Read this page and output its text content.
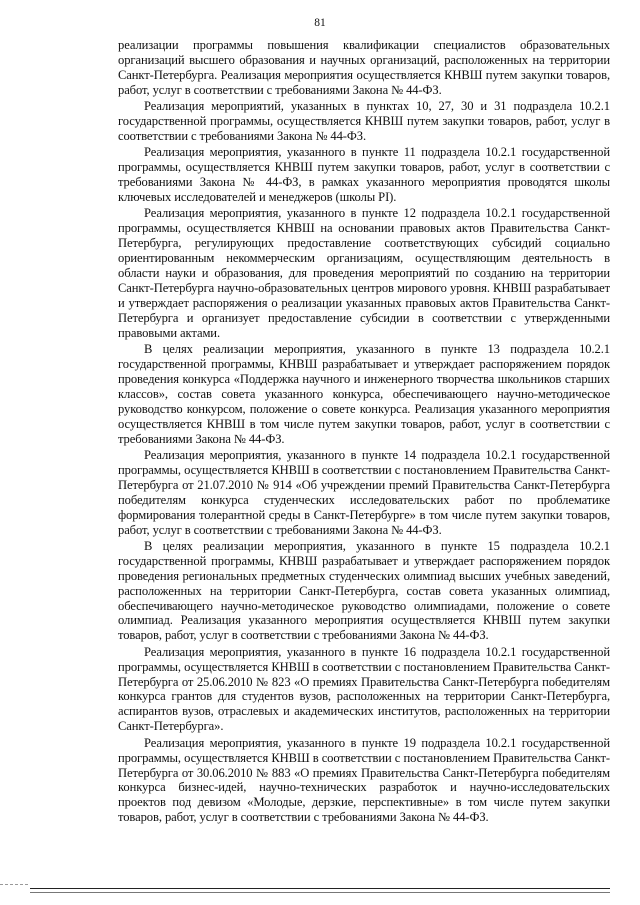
81

реализации программы повышения квалификации специалистов образовательных организаций высшего образования и научных организаций, расположенных на территории Санкт-Петербурга. Реализация мероприятия осуществляется КНВШ путем закупки товаров, работ, услуг в соответствии с требованиями Закона № 44-ФЗ.

Реализация мероприятий, указанных в пунктах 10, 27, 30 и 31 подраздела 10.2.1 государственной программы, осуществляется КНВШ путем закупки товаров, работ, услуг в соответствии с требованиями Закона № 44-ФЗ.

Реализация мероприятия, указанного в пункте 11 подраздела 10.2.1 государственной программы, осуществляется КНВШ путем закупки товаров, работ, услуг в соответствии с требованиями Закона № 44-ФЗ, в рамках указанного мероприятия проводятся школы ключевых исследователей и менеджеров (школы PI).

Реализация мероприятия, указанного в пункте 12 подраздела 10.2.1 государственной программы, осуществляется КНВШ на основании правовых актов Правительства Санкт-Петербурга, регулирующих предоставление соответствующих субсидий социально ориентированным некоммерческим организациям, осуществляющим деятельность в области науки и образования, для проведения мероприятий по созданию на территории Санкт-Петербурга научно-образовательных центров мирового уровня. КНВШ разрабатывает и утверждает распоряжения о реализации указанных правовых актов Правительства Санкт-Петербурга и организует предоставление субсидии в соответствии с утвержденными правовыми актами.

В целях реализации мероприятия, указанного в пункте 13 подраздела 10.2.1 государственной программы, КНВШ разрабатывает и утверждает распоряжением порядок проведения конкурса «Поддержка научного и инженерного творчества школьников старших классов», состав совета указанного конкурса, обеспечивающего научно-методическое руководство конкурсом, положение о совете конкурса. Реализация указанного мероприятия осуществляется КНВШ в том числе путем закупки товаров, работ, услуг в соответствии с требованиями Закона № 44-ФЗ.

Реализация мероприятия, указанного в пункте 14 подраздела 10.2.1 государственной программы, осуществляется КНВШ в соответствии с постановлением Правительства Санкт-Петербурга от 21.07.2010 № 914 «Об учреждении премий Правительства Санкт-Петербурга победителям конкурса студенческих исследовательских работ по проблематике формирования толерантной среды в Санкт-Петербурге» в том числе путем закупки товаров, работ, услуг в соответствии с требованиями Закона № 44-ФЗ.

В целях реализации мероприятия, указанного в пункте 15 подраздела 10.2.1 государственной программы, КНВШ разрабатывает и утверждает распоряжением порядок проведения региональных предметных студенческих олимпиад высших учебных заведений, расположенных на территории Санкт-Петербурга, состав совета указанных олимпиад, обеспечивающего научно-методическое руководство олимпиадами, положение о совете олимпиад. Реализация указанного мероприятия осуществляется КНВШ путем закупки товаров, работ, услуг в соответствии с требованиями Закона № 44-ФЗ.

Реализация мероприятия, указанного в пункте 16 подраздела 10.2.1 государственной программы, осуществляется КНВШ в соответствии с постановлением Правительства Санкт-Петербурга от 25.06.2010 № 823 «О премиях Правительства Санкт-Петербурга победителям конкурса грантов для студентов вузов, расположенных на территории Санкт-Петербурга, аспирантов вузов, отраслевых и академических институтов, расположенных на территории Санкт-Петербурга».

Реализация мероприятия, указанного в пункте 19 подраздела 10.2.1 государственной программы, осуществляется КНВШ в соответствии с постановлением Правительства Санкт-Петербурга от 30.06.2010 № 883 «О премиях Правительства Санкт-Петербурга победителям конкурса бизнес-идей, научно-технических разработок и научно-исследовательских проектов под девизом «Молодые, дерзкие, перспективные» в том числе путем закупки товаров, работ, услуг в соответствии с требованиями Закона № 44-ФЗ.
